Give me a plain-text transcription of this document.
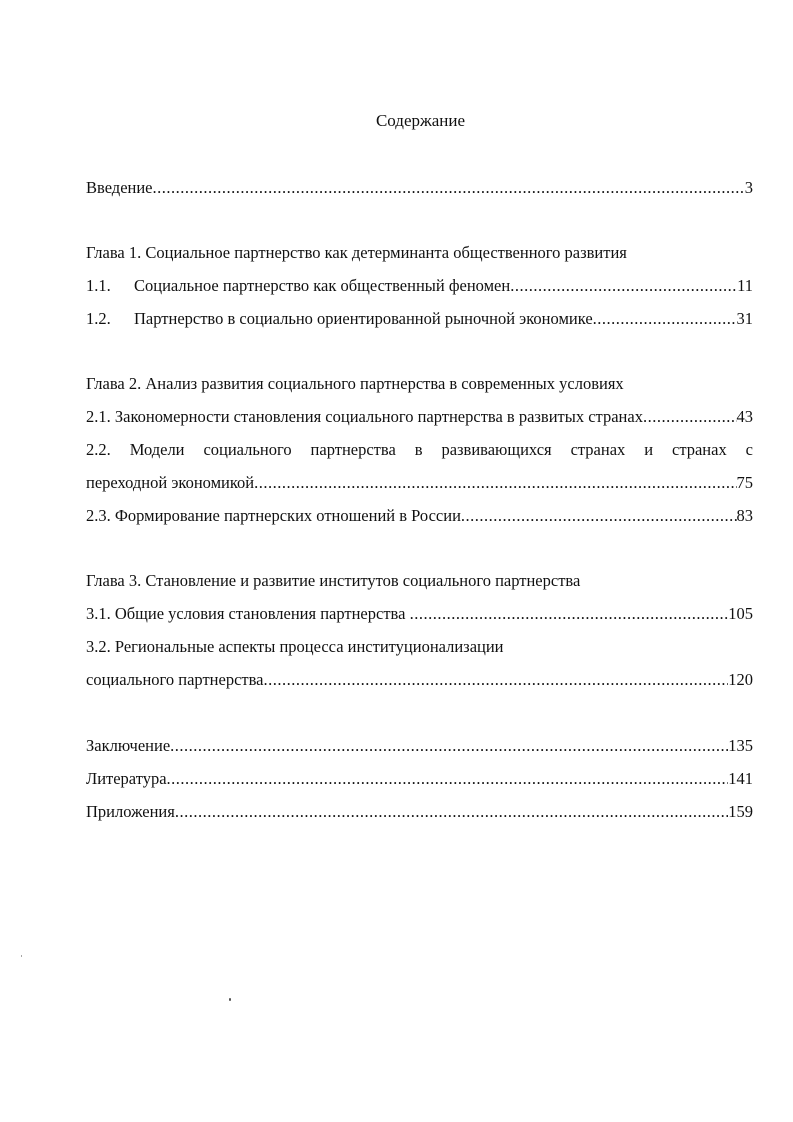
Содержание
Введение .....	3
Глава 1. Социальное партнерство как детерминанта общественного развития
1.1.	Социальное партнерство как общественный феномен .....	11
1.2.	Партнерство в социально ориентированной рыночной экономике .....	31
Глава 2. Анализ развития социального партнерства в современных условиях
2.1. Закономерности становления социального партнерства в развитых странах .....	43
2.2. Модели социального партнерства в развивающихся странах и странах с
переходной экономикой .....	75
2.3. Формирование партнерских отношений в России .....	83
Глава 3. Становление и развитие институтов социального партнерства
3.1. Общие условия становления партнерства .....	105
3.2. Региональные аспекты процесса институционализации
социального партнерства .....	120
Заключение .....	135
Литература .....	141
Приложения .....	159
